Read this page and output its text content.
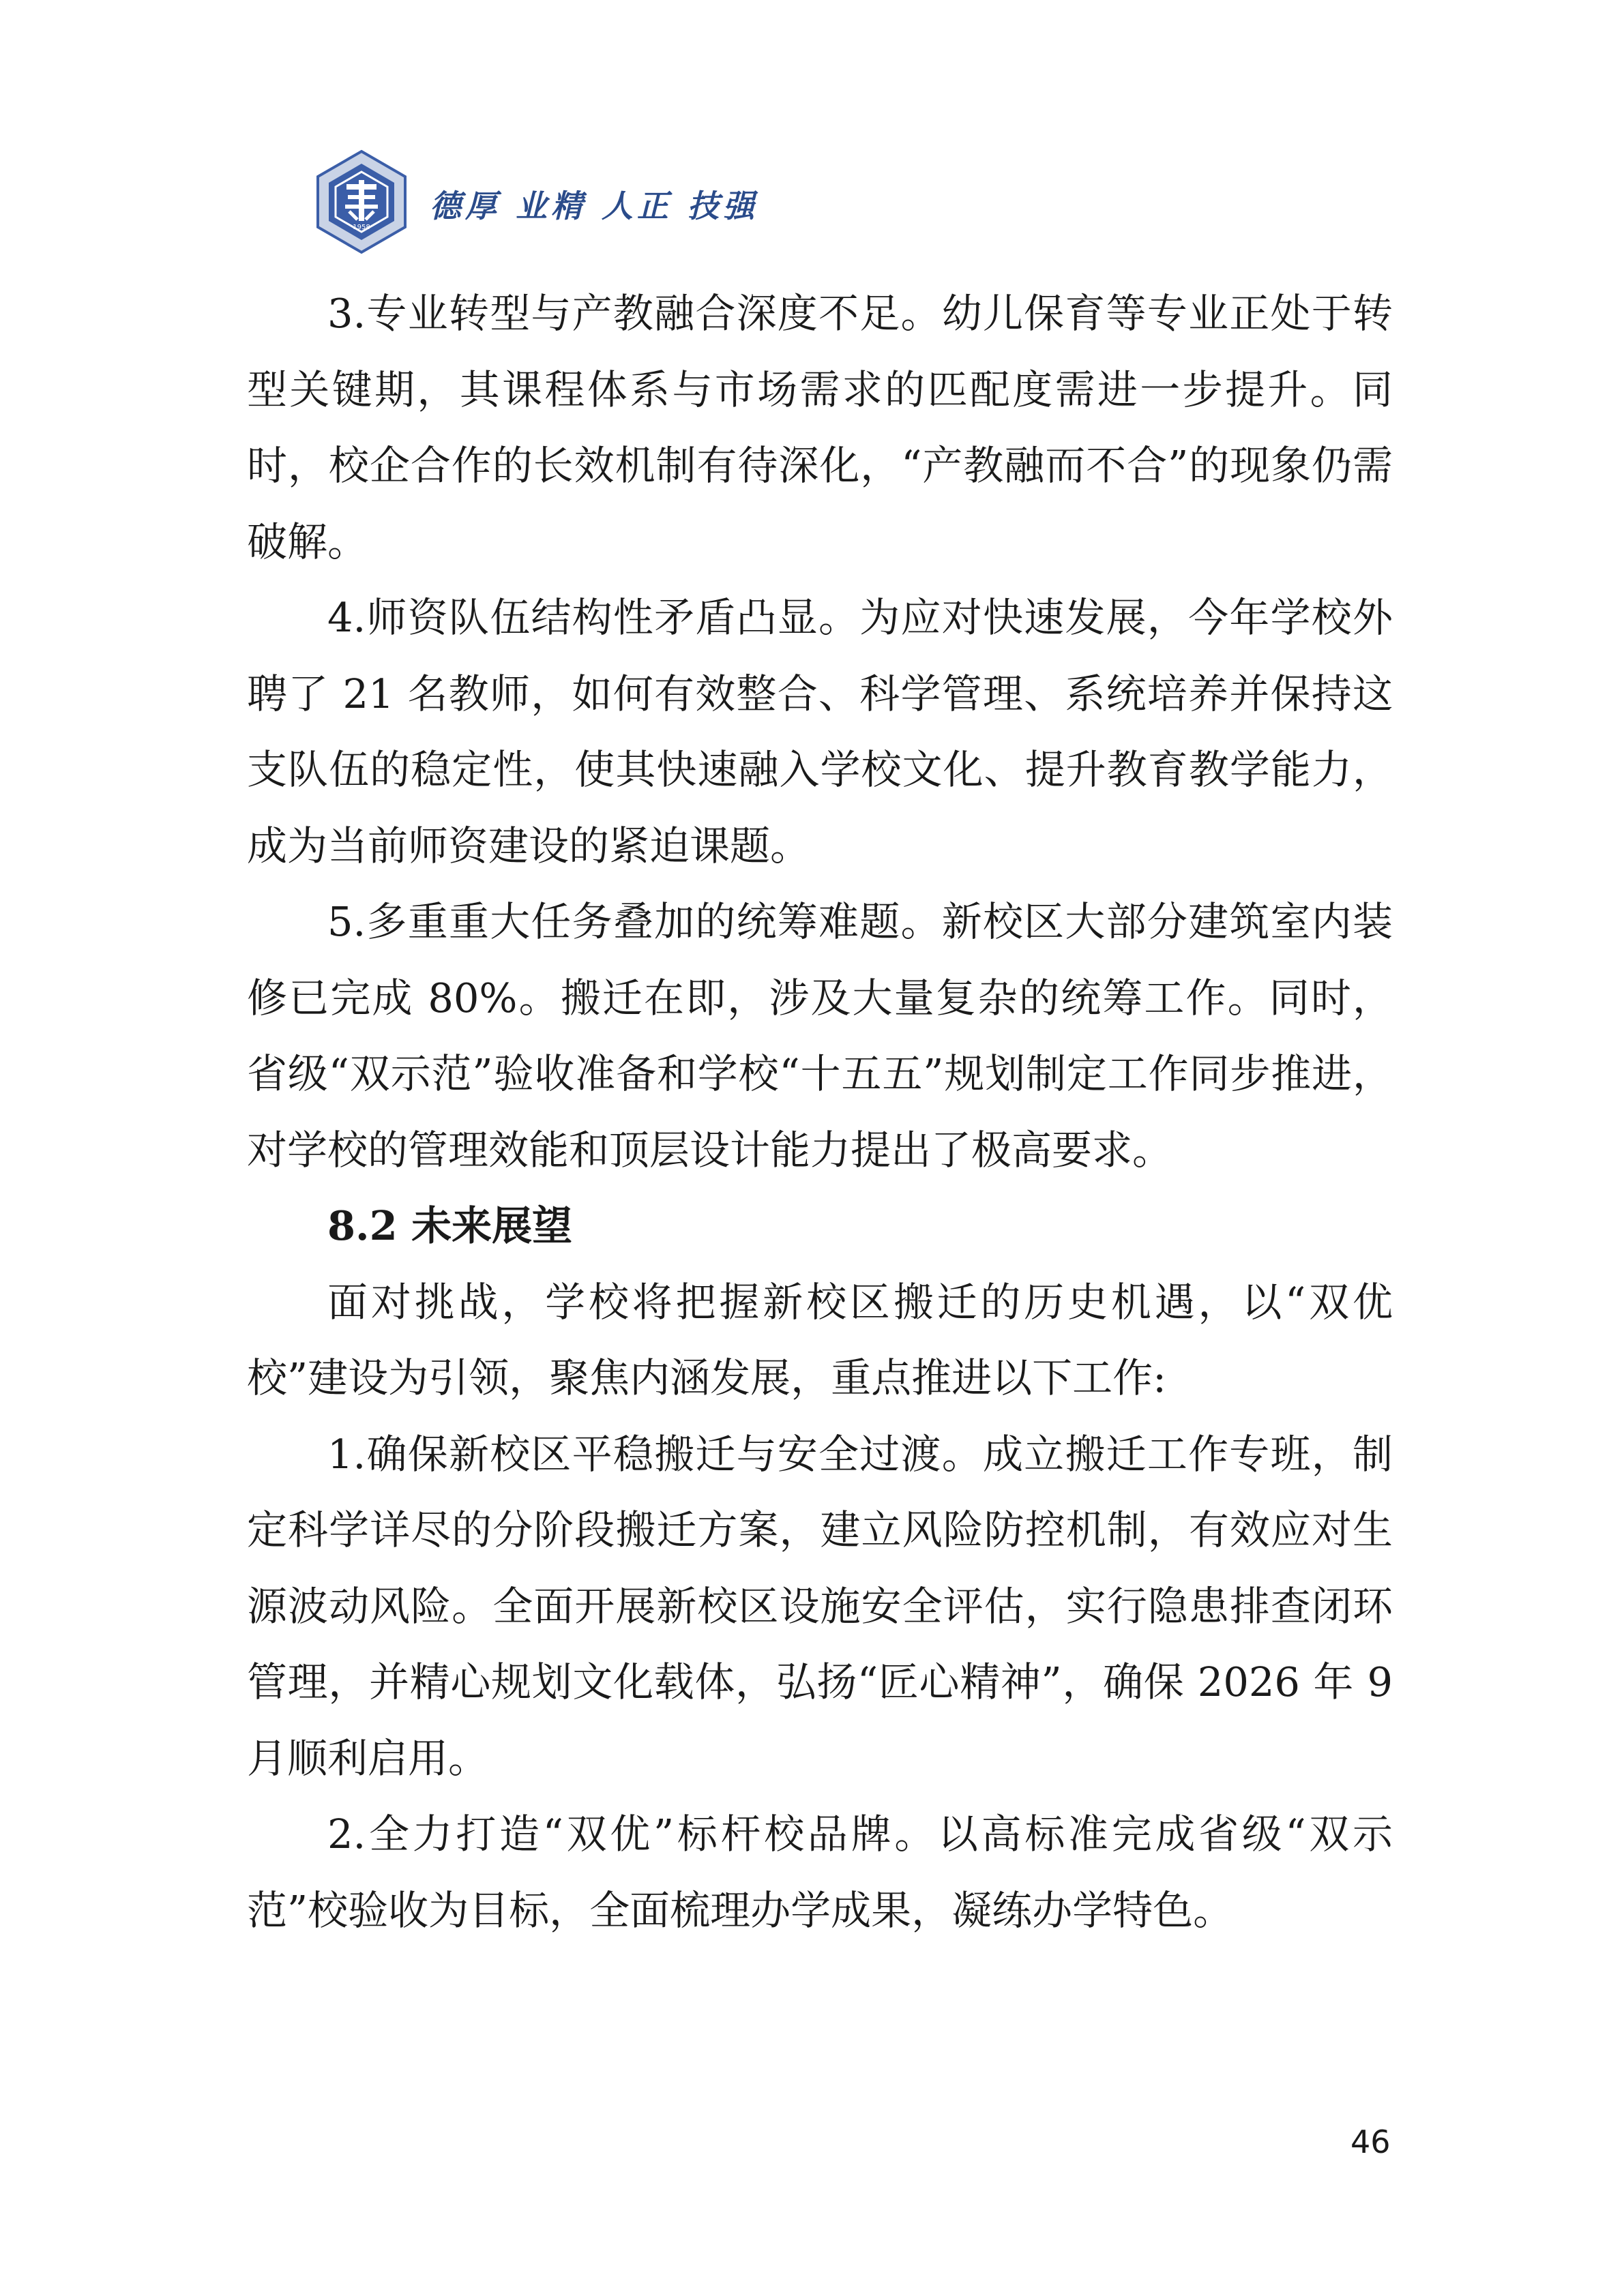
1958
德厚 业精 人正 技强

3.专业转型与产教融合深度不足。幼儿保育等专业正处于转型关键期，其课程体系与市场需求的匹配度需进一步提升。同时，校企合作的长效机制有待深化，“产教融而不合”的现象仍需破解。

4.师资队伍结构性矛盾凸显。为应对快速发展，今年学校外聘了 21 名教师，如何有效整合、科学管理、系统培养并保持这支队伍的稳定性，使其快速融入学校文化、提升教育教学能力，成为当前师资建设的紧迫课题。

5.多重重大任务叠加的统筹难题。新校区大部分建筑室内装修已完成 80%。搬迁在即，涉及大量复杂的统筹工作。同时，省级“双示范”验收准备和学校“十五五”规划制定工作同步推进，对学校的管理效能和顶层设计能力提出了极高要求。

8.2 未来展望

面对挑战，学校将把握新校区搬迁的历史机遇，以“双优校”建设为引领，聚焦内涵发展，重点推进以下工作:

1.确保新校区平稳搬迁与安全过渡。成立搬迁工作专班，制定科学详尽的分阶段搬迁方案，建立风险防控机制，有效应对生源波动风险。全面开展新校区设施安全评估，实行隐患排查闭环管理，并精心规划文化载体，弘扬“匠心精神”，确保 2026 年 9 月顺利启用。

2.全力打造“双优”标杆校品牌。以高标准完成省级“双示范”校验收为目标，全面梳理办学成果，凝练办学特色。

46
